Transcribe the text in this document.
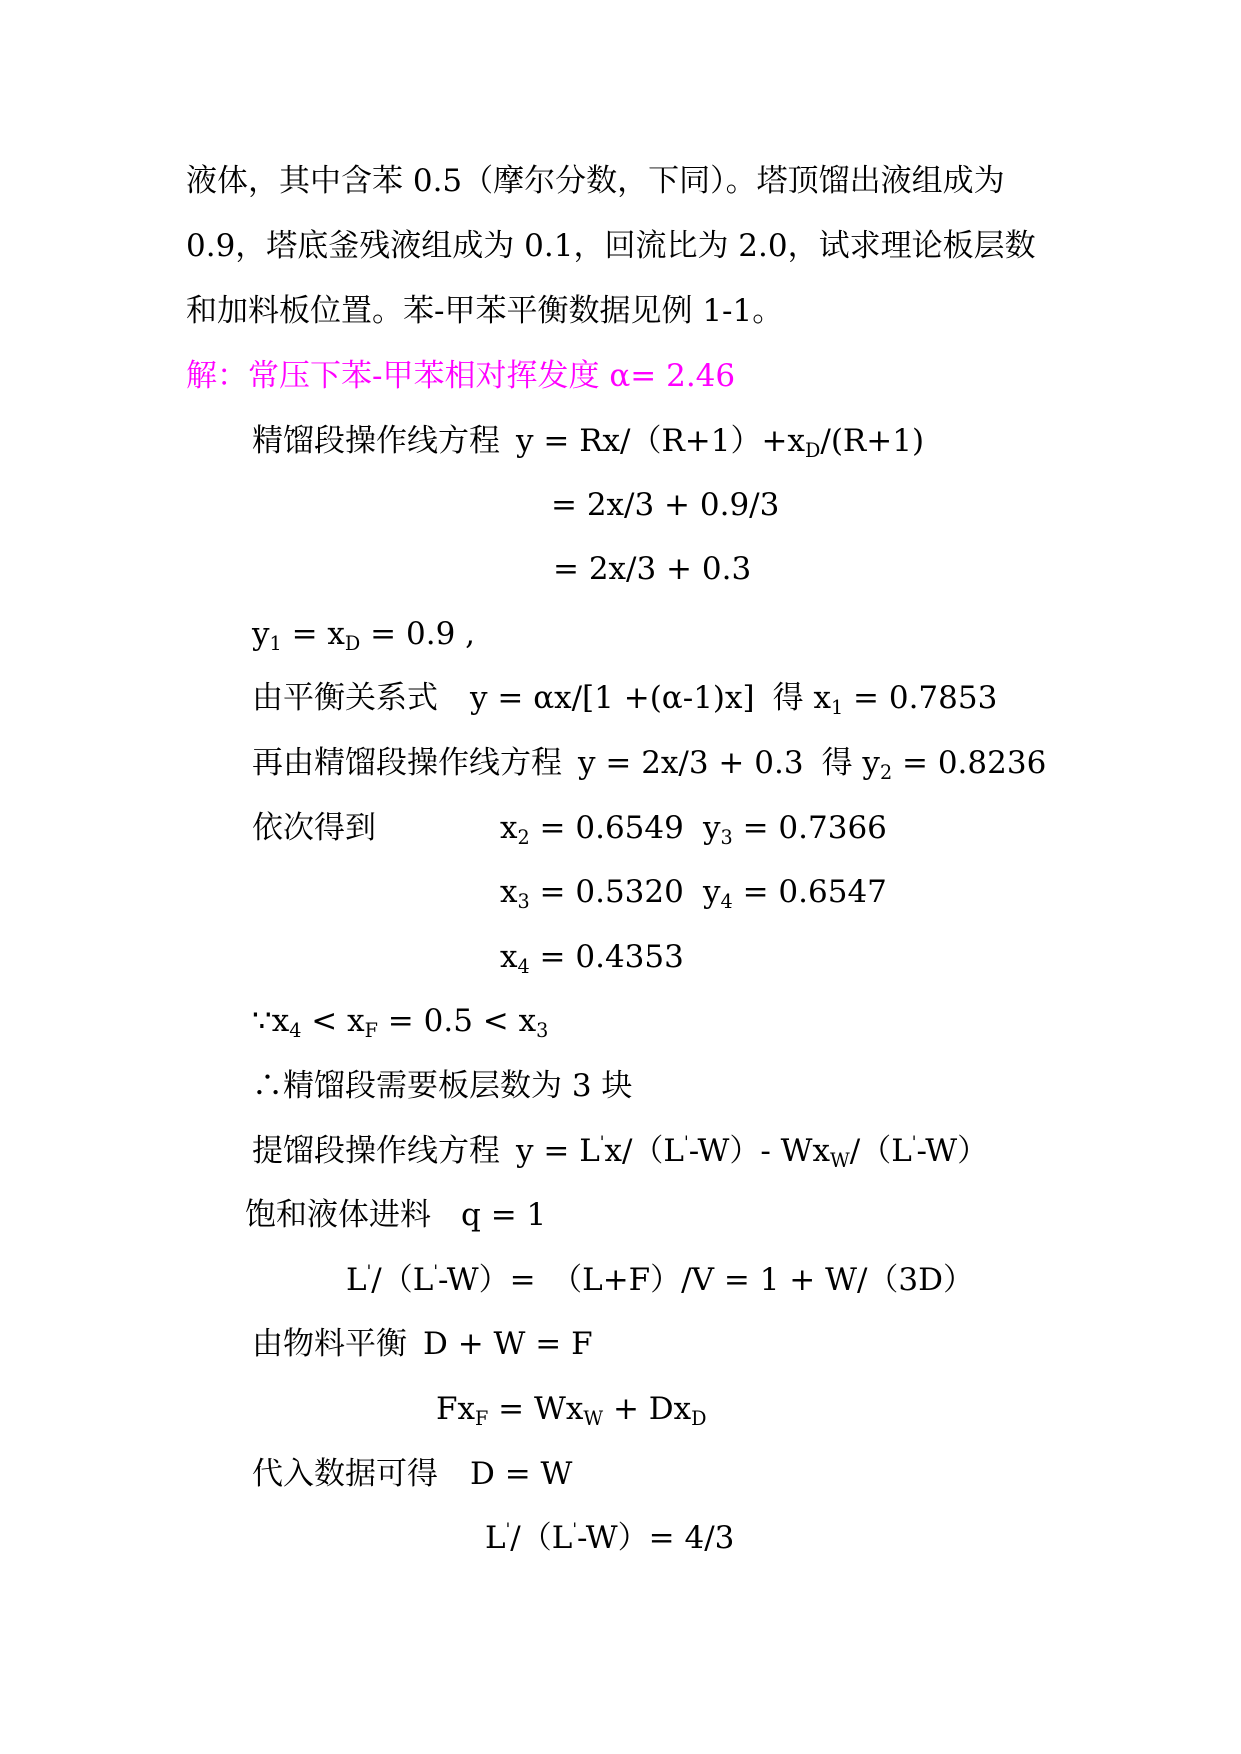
液体，其中含苯 0.5（摩尔分数，下同）。塔顶馏出液组成为
0.9，塔底釜残液组成为 0.1，回流比为 2.0，试求理论板层数
和加料板位置。苯-甲苯平衡数据见例 1-1。
解：常压下苯-甲苯相对挥发度 α= 2.46
精馏段操作线方程 $y = Rx/(R+1)+x_D/(R+1)$
= 2x/3 + 0.9/3
= 2x/3 + 0.3
$y_1 = x_D = 0.9$ ,
由平衡关系式 y = αx/[1 +(α-1)x] 得 $x_1 = 0.7853$
再由精馏段操作线方程 y = 2x/3 + 0.3 得 $y_2 = 0.8236$
依次得到	$x_2 = 0.6549$ $y_3 = 0.7366$
$x_3 = 0.5320$ $y_4 = 0.6547$
$x_4 = 0.4353$
$\because x_4 < x_F = 0.5 < x_3$
∴精馏段需要板层数为 3 块
提馏段操作线方程 y = L'x/（L'-W）- $Wx_W/(L'-W)$
饱和液体进料 q = 1
L'/（L'-W）=　（L+F）/V = 1 + W/（3D）
由物料平衡 D + W = F
$Fx_F = Wx_W + Dx_D$
代入数据可得 D = W
L'/（L'-W）= 4/3
